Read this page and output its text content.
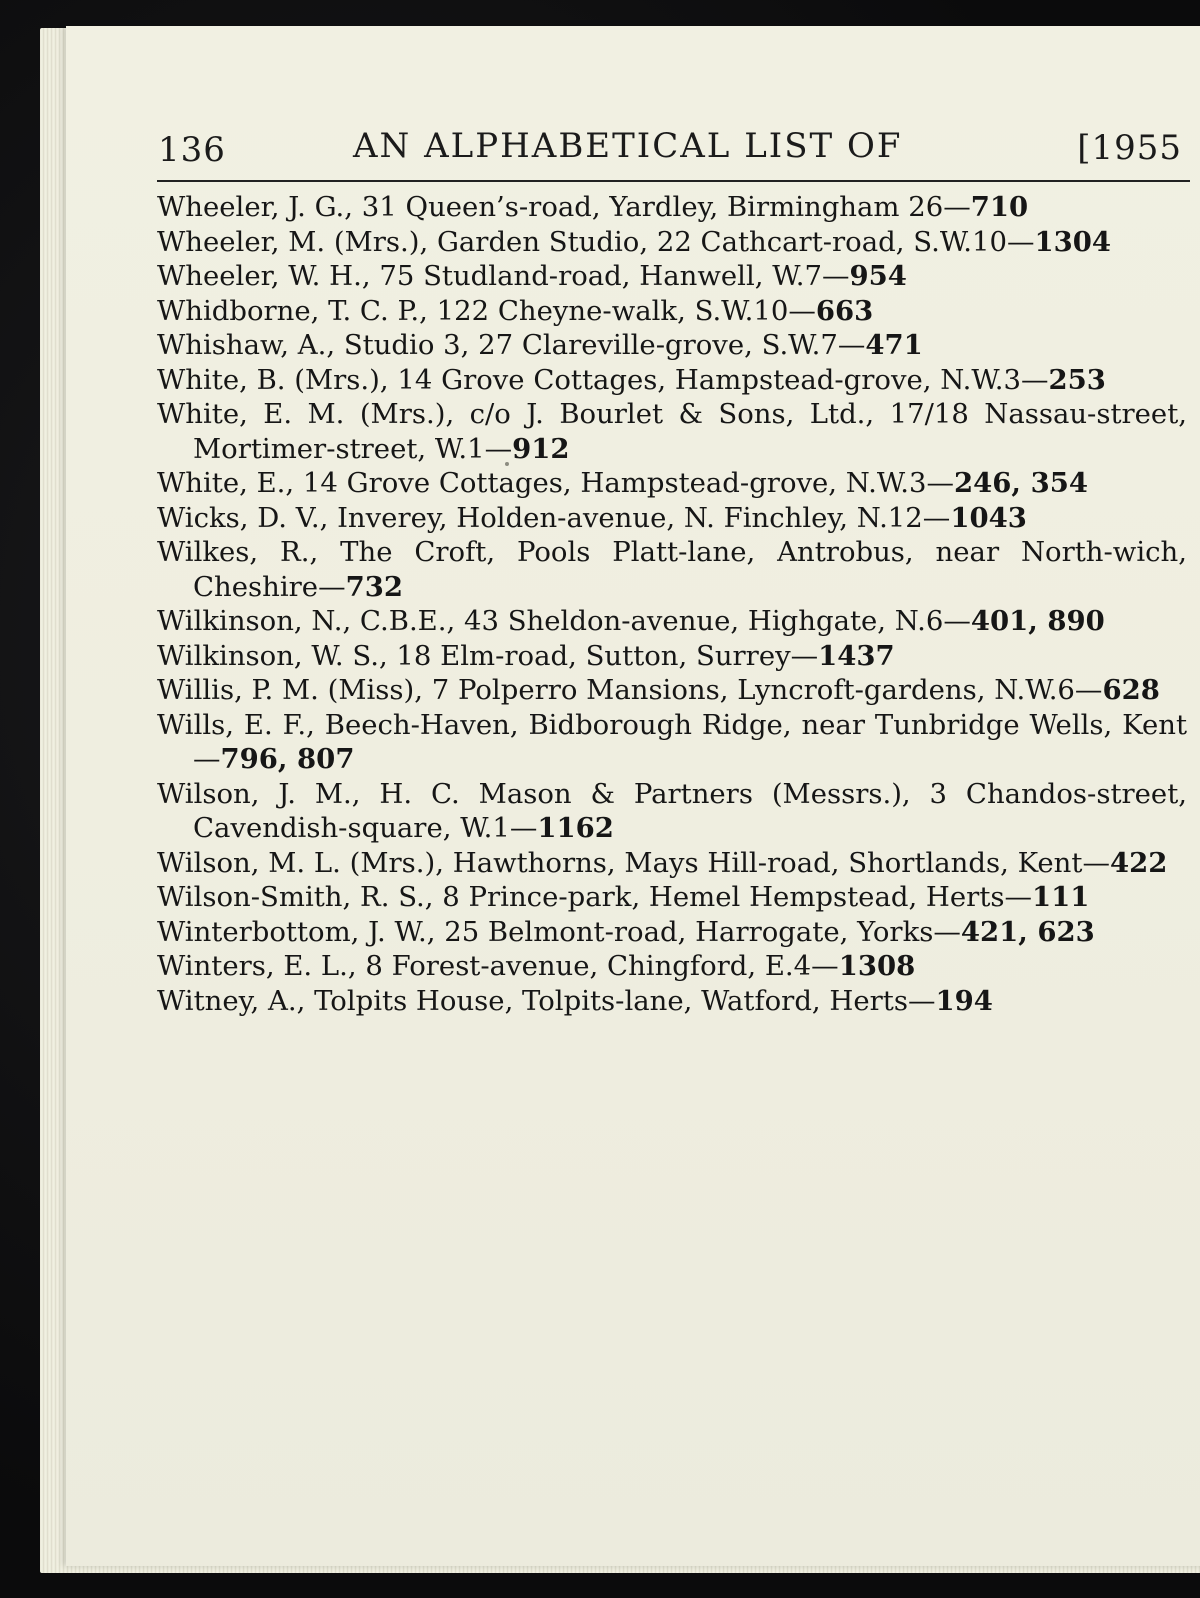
136	AN ALPHABETICAL LIST OF	[1955

Wheeler, J. G., 31 Queen’s-road, Yardley, Birmingham 26—710

Wheeler, M. (Mrs.), Garden Studio, 22 Cathcart-road, S.W.10—1304

Wheeler, W. H., 75 Studland-road, Hanwell, W.7—954

Whidborne, T. C. P., 122 Cheyne-walk, S.W.10—663

Whishaw, A., Studio 3, 27 Clareville-grove, S.W.7—471

White, B. (Mrs.), 14 Grove Cottages, Hampstead-grove, N.W.3—253

White, E. M. (Mrs.), c/o J. Bourlet & Sons, Ltd., 17/18 Nassau-street, Mortimer-street, W.1—912

White, E., 14 Grove Cottages, Hampstead-grove, N.W.3—246, 354

Wicks, D. V., Inverey, Holden-avenue, N. Finchley, N.12—1043

Wilkes, R., The Croft, Pools Platt-lane, Antrobus, near North-wich, Cheshire—732

Wilkinson, N., C.B.E., 43 Sheldon-avenue, Highgate, N.6—401, 890

Wilkinson, W. S., 18 Elm-road, Sutton, Surrey—1437

Willis, P. M. (Miss), 7 Polperro Mansions, Lyncroft-gardens, N.W.6—628

Wills, E. F., Beech-Haven, Bidborough Ridge, near Tunbridge Wells, Kent—796, 807

Wilson, J. M., H. C. Mason & Partners (Messrs.), 3 Chandos-street, Cavendish-square, W.1—1162

Wilson, M. L. (Mrs.), Hawthorns, Mays Hill-road, Shortlands, Kent—422

Wilson-Smith, R. S., 8 Prince-park, Hemel Hempstead, Herts—111

Winterbottom, J. W., 25 Belmont-road, Harrogate, Yorks—421, 623

Winters, E. L., 8 Forest-avenue, Chingford, E.4—1308

Witney, A., Tolpits House, Tolpits-lane, Watford, Herts—194
